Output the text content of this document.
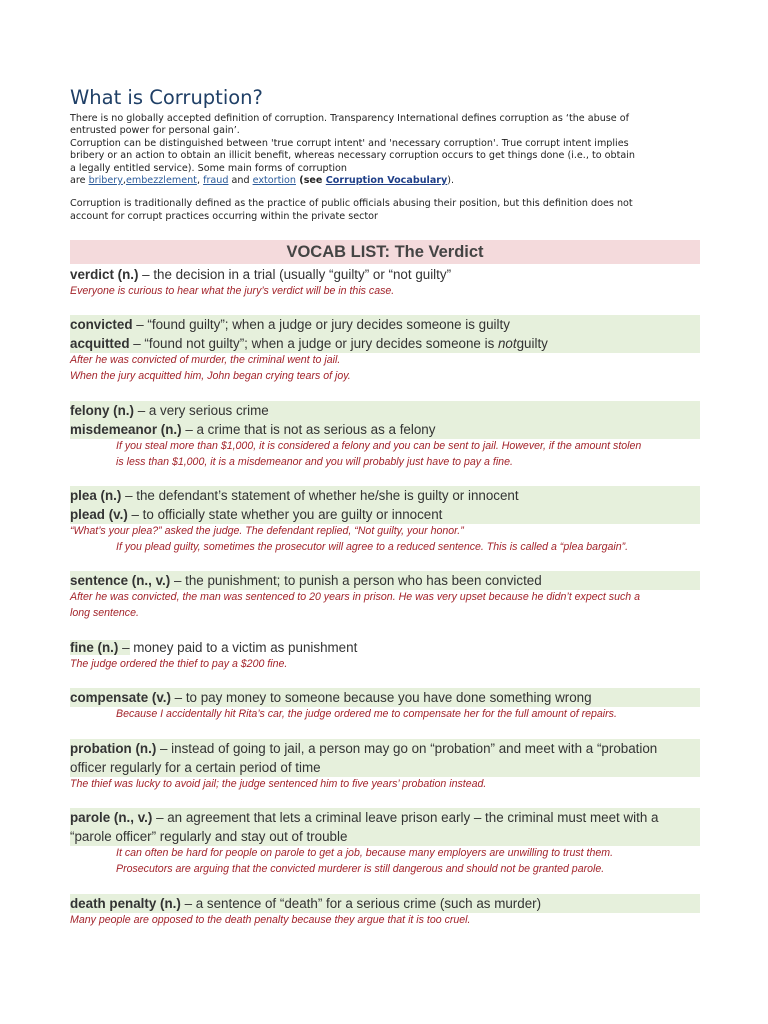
What is Corruption?

There is no globally accepted definition of corruption. Transparency International defines corruption as ‘the abuse of

entrusted power for personal gain’.

Corruption can be distinguished between 'true corrupt intent' and 'necessary corruption'. True corrupt intent implies

bribery or an action to obtain an illicit benefit, whereas necessary corruption occurs to get things done (i.e., to obtain

a legally entitled service). Some main forms of corruption

are bribery,embezzlement, fraud and extortion (see Corruption Vocabulary).

Corruption is traditionally defined as the practice of public officials abusing their position, but this definition does not

account for corrupt practices occurring within the private sector

VOCAB LIST: The Verdict
verdict (n.) – the decision in a trial (usually “guilty” or “not guilty”
Everyone is curious to hear what the jury’s verdict will be in this case.
convicted – “found guilty”; when a judge or jury decides someone is guilty
acquitted – “found not guilty”; when a judge or jury decides someone is notguilty
After he was convicted of murder, the criminal went to jail.
When the jury acquitted him, John began crying tears of joy.
felony (n.) – a very serious crime
misdemeanor (n.) – a crime that is not as serious as a felony
If you steal more than $1,000, it is considered a felony and you can be sent to jail. However, if the amount stolen
is less than $1,000, it is a misdemeanor and you will probably just have to pay a fine.
plea (n.) – the defendant’s statement of whether he/she is guilty or innocent
plead (v.) – to officially state whether you are guilty or innocent
“What’s your plea?” asked the judge. The defendant replied, “Not guilty, your honor.”
If you plead guilty, sometimes the prosecutor will agree to a reduced sentence. This is called a “plea bargain”.
sentence (n., v.) – the punishment; to punish a person who has been convicted
After he was convicted, the man was sentenced to 20 years in prison. He was very upset because he didn’t expect such a
long sentence.
fine (n.) – money paid to a victim as punishment
The judge ordered the thief to pay a $200 fine.
compensate (v.) – to pay money to someone because you have done something wrong
Because I accidentally hit Rita’s car, the judge ordered me to compensate her for the full amount of repairs.
probation (n.) – instead of going to jail, a person may go on “probation” and meet with a “probation
officer regularly for a certain period of time
The thief was lucky to avoid jail; the judge sentenced him to five years’ probation instead.
parole (n., v.) – an agreement that lets a criminal leave prison early – the criminal must meet with a
“parole officer” regularly and stay out of trouble
It can often be hard for people on parole to get a job, because many employers are unwilling to trust them.
Prosecutors are arguing that the convicted murderer is still dangerous and should not be granted parole.
death penalty (n.) – a sentence of “death” for a serious crime (such as murder)
Many people are opposed to the death penalty because they argue that it is too cruel.
